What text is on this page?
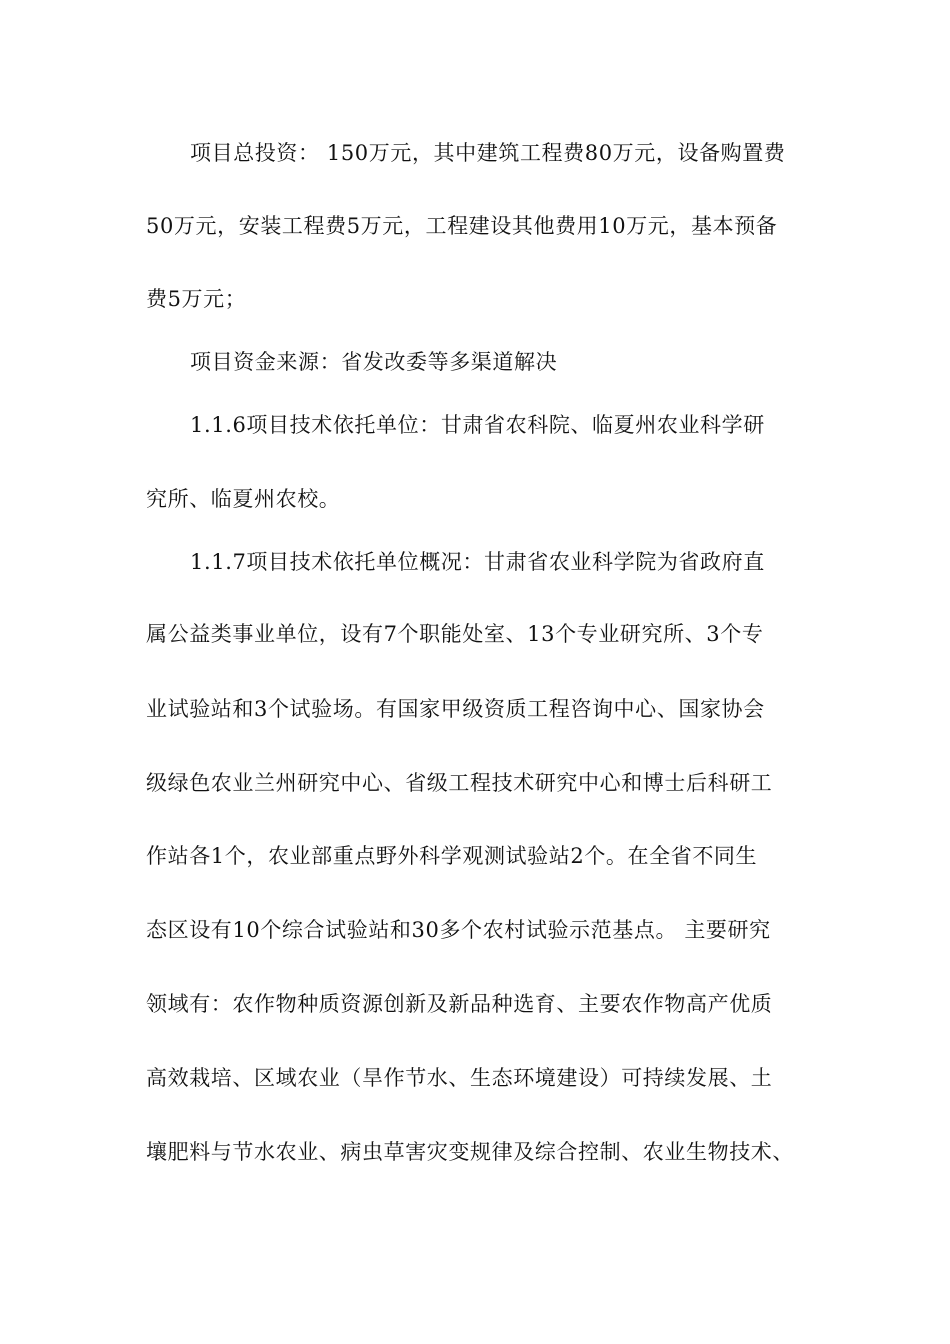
项目总投资： 150万元，其中建筑工程费80万元，设备购置费
50万元，安装工程费5万元，工程建设其他费用10万元，基本预备
费5万元；
项目资金来源：省发改委等多渠道解决
1.1.6项目技术依托单位：甘肃省农科院、临夏州农业科学研
究所、临夏州农校。
1.1.7项目技术依托单位概况：甘肃省农业科学院为省政府直
属公益类事业单位，设有7个职能处室、13个专业研究所、3个专
业试验站和3个试验场。有国家甲级资质工程咨询中心、国家协会
级绿色农业兰州研究中心、省级工程技术研究中心和博士后科研工
作站各1个，农业部重点野外科学观测试验站2个。在全省不同生
态区设有10个综合试验站和30多个农村试验示范基点。 主要研究
领域有：农作物种质资源创新及新品种选育、主要农作物高产优质
高效栽培、区域农业（旱作节水、生态环境建设）可持续发展、土
壤肥料与节水农业、病虫草害灾变规律及综合控制、农业生物技术、
